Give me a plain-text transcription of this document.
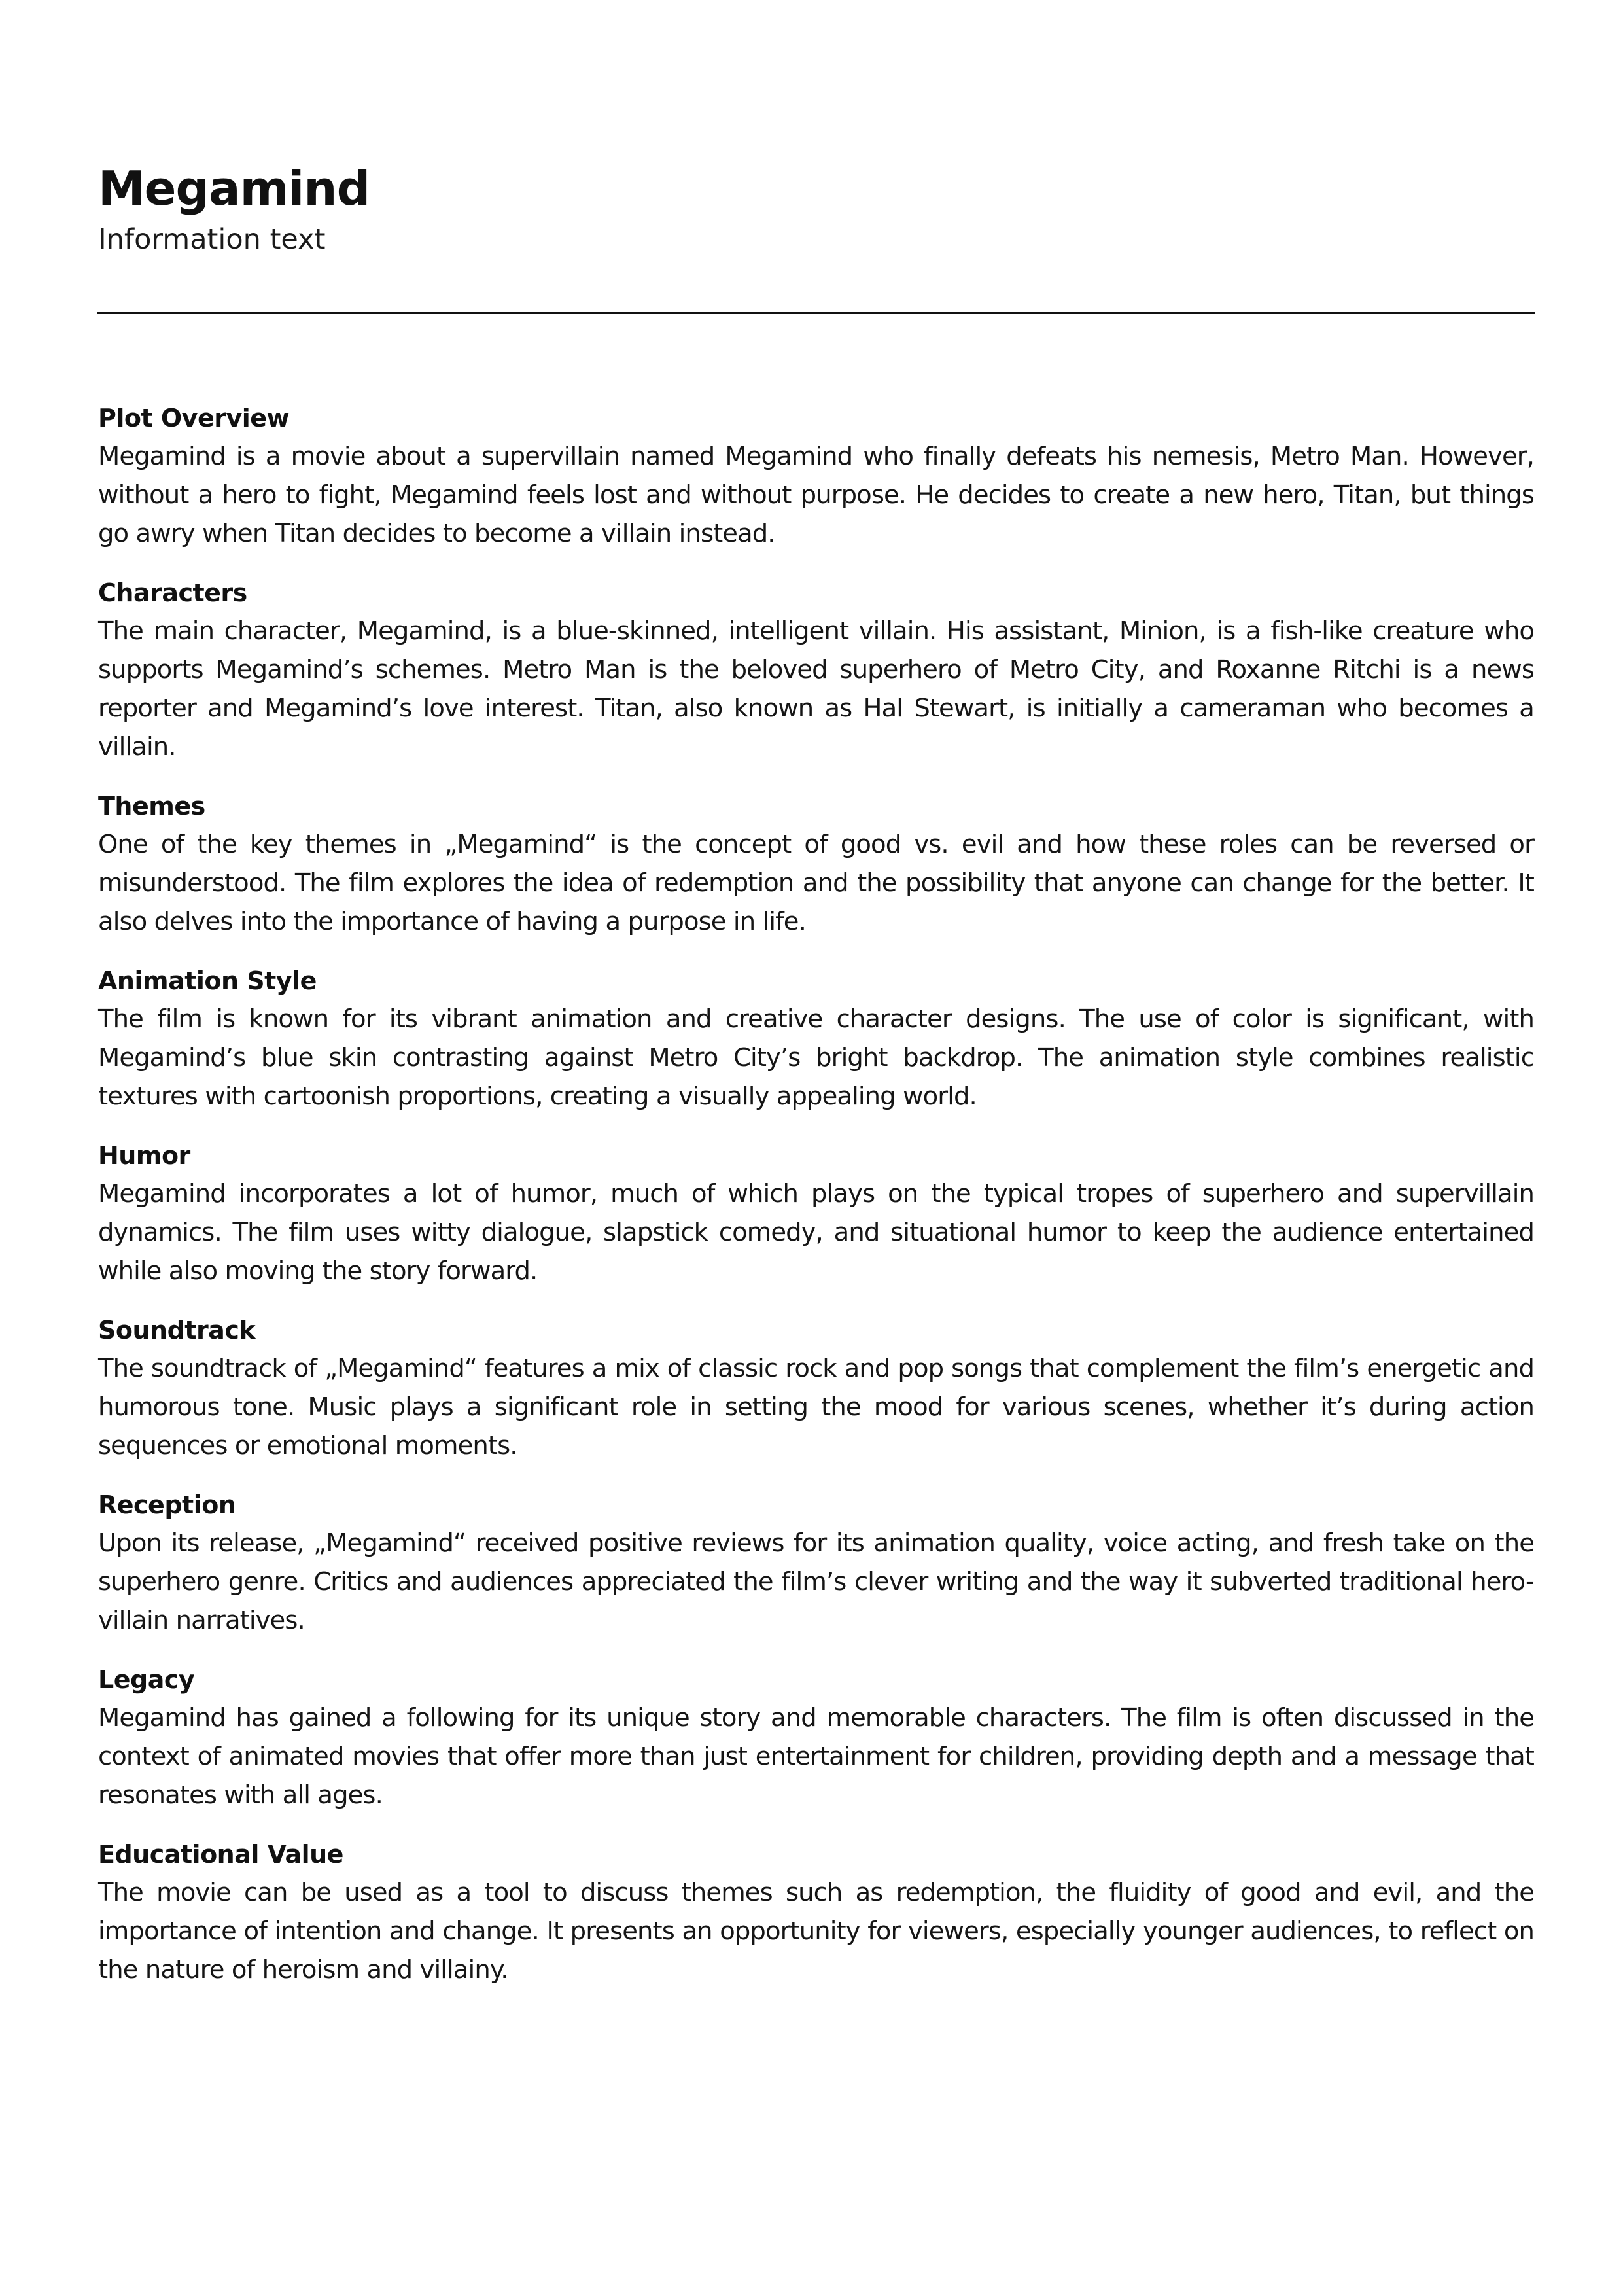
Megamind

Information text

Plot Overview

Megamind is a movie about a supervillain named Megamind who finally defeats his nemesis, Metro Man. However, without a hero to fight, Megamind feels lost and without purpose. He decides to create a new hero, Titan, but things go awry when Titan decides to become a villain instead.

Characters

The main character, Megamind, is a blue-skinned, intelligent villain. His assistant, Minion, is a fish-like creature who supports Megamind’s schemes. Metro Man is the beloved superhero of Metro City, and Roxanne Ritchi is a news reporter and Megamind’s love interest. Titan, also known as Hal Stewart, is initially a cameraman who becomes a villain.

Themes

One of the key themes in „Megamind“ is the concept of good vs. evil and how these roles can be reversed or misunderstood. The film explores the idea of redemption and the possibility that anyone can change for the better. It also delves into the importance of having a purpose in life.

Animation Style

The film is known for its vibrant animation and creative character designs. The use of color is significant, with Megamind’s blue skin contrasting against Metro City’s bright backdrop. The animation style combines realistic textures with cartoonish proportions, creating a visually appealing world.

Humor

Megamind incorporates a lot of humor, much of which plays on the typical tropes of superhero and supervillain dynamics. The film uses witty dialogue, slapstick comedy, and situational humor to keep the audience entertained while also moving the story forward.

Soundtrack

The soundtrack of „Megamind“ features a mix of classic rock and pop songs that complement the film’s energetic and humorous tone. Music plays a significant role in setting the mood for various scenes, whether it’s during action sequences or emotional moments.

Reception

Upon its release, „Megamind“ received positive reviews for its animation quality, voice acting, and fresh take on the superhero genre. Critics and audiences appreciated the film’s clever writing and the way it subverted traditional hero-villain narratives.

Legacy

Megamind has gained a following for its unique story and memorable characters. The film is often discussed in the context of animated movies that offer more than just entertainment for children, providing depth and a message that resonates with all ages.

Educational Value

The movie can be used as a tool to discuss themes such as redemption, the fluidity of good and evil, and the importance of intention and change. It presents an opportunity for viewers, especially younger audiences, to reflect on the nature of heroism and villainy.
